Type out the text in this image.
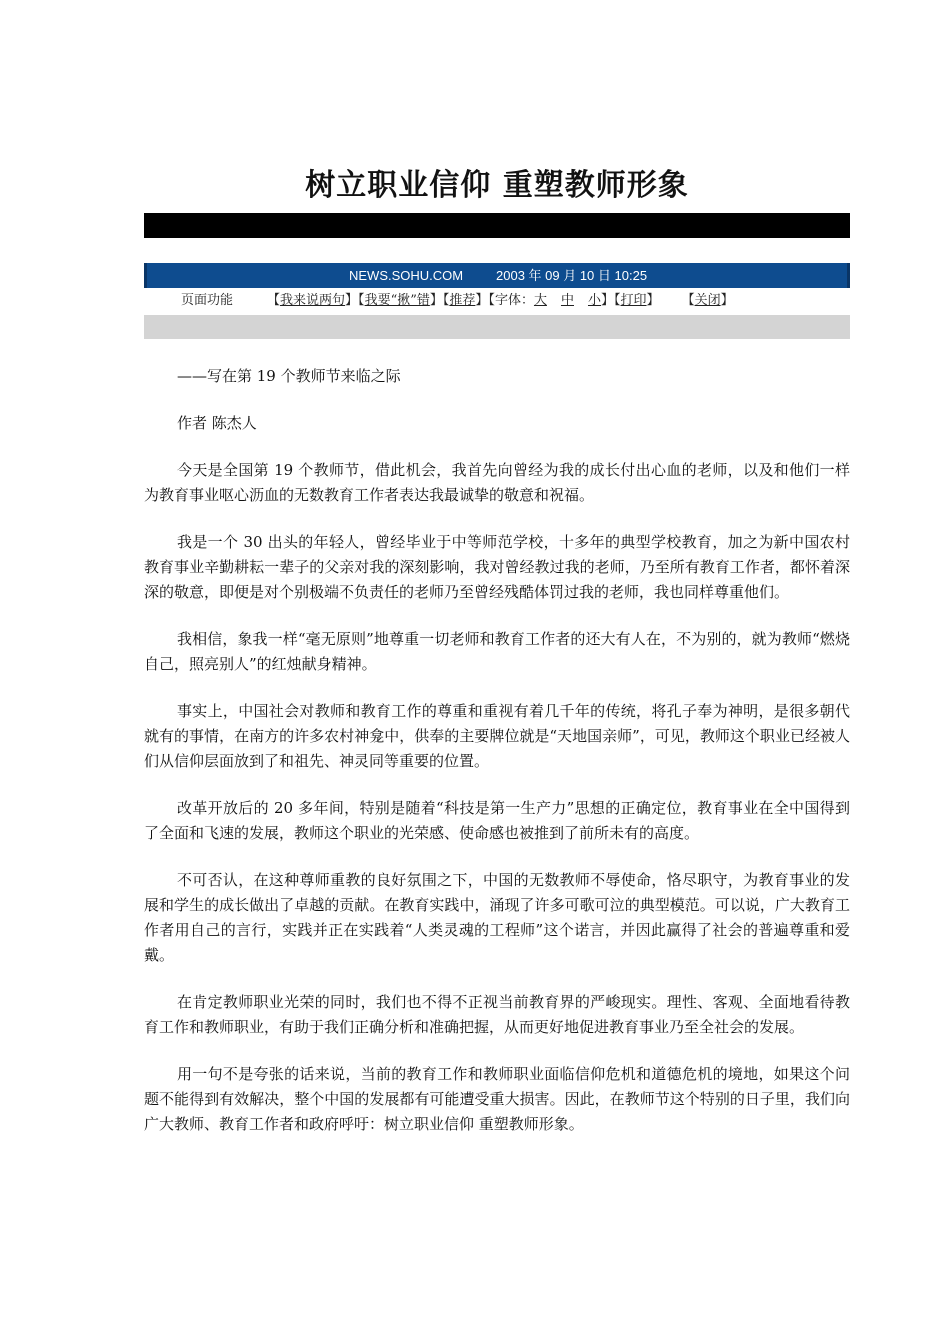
树立职业信仰 重塑教师形象
NEWS.SOHU.COM	2003 年 09 月 10 日 10:25
页面功能	【我来说两句】【我要“揪”错】【推荐】【字体：大 中 小】【打印】 【关闭】

——写在第 19 个教师节来临之际

作者 陈杰人

今天是全国第 19 个教师节，借此机会，我首先向曾经为我的成长付出心血的老师，以及和他们一样为教育事业呕心沥血的无数教育工作者表达我最诚挚的敬意和祝福。

我是一个 30 出头的年轻人，曾经毕业于中等师范学校，十多年的典型学校教育，加之为新中国农村教育事业辛勤耕耘一辈子的父亲对我的深刻影响，我对曾经教过我的老师，乃至所有教育工作者，都怀着深深的敬意，即便是对个别极端不负责任的老师乃至曾经残酷体罚过我的老师，我也同样尊重他们。

我相信，象我一样“毫无原则”地尊重一切老师和教育工作者的还大有人在，不为别的，就为教师“燃烧自己，照亮别人”的红烛献身精神。

事实上，中国社会对教师和教育工作的尊重和重视有着几千年的传统，将孔子奉为神明，是很多朝代就有的事情，在南方的许多农村神龛中，供奉的主要牌位就是“天地国亲师”，可见，教师这个职业已经被人们从信仰层面放到了和祖先、神灵同等重要的位置。

改革开放后的 20 多年间，特别是随着“科技是第一生产力”思想的正确定位，教育事业在全中国得到了全面和飞速的发展，教师这个职业的光荣感、使命感也被推到了前所未有的高度。

不可否认，在这种尊师重教的良好氛围之下，中国的无数教师不辱使命，恪尽职守，为教育事业的发展和学生的成长做出了卓越的贡献。在教育实践中，涌现了许多可歌可泣的典型模范。可以说，广大教育工作者用自己的言行，实践并正在实践着“人类灵魂的工程师”这个诺言，并因此赢得了社会的普遍尊重和爱戴。

在肯定教师职业光荣的同时，我们也不得不正视当前教育界的严峻现实。理性、客观、全面地看待教育工作和教师职业，有助于我们正确分析和准确把握，从而更好地促进教育事业乃至全社会的发展。

用一句不是夸张的话来说，当前的教育工作和教师职业面临信仰危机和道德危机的境地，如果这个问题不能得到有效解决，整个中国的发展都有可能遭受重大损害。因此，在教师节这个特别的日子里，我们向广大教师、教育工作者和政府呼吁：树立职业信仰 重塑教师形象。
